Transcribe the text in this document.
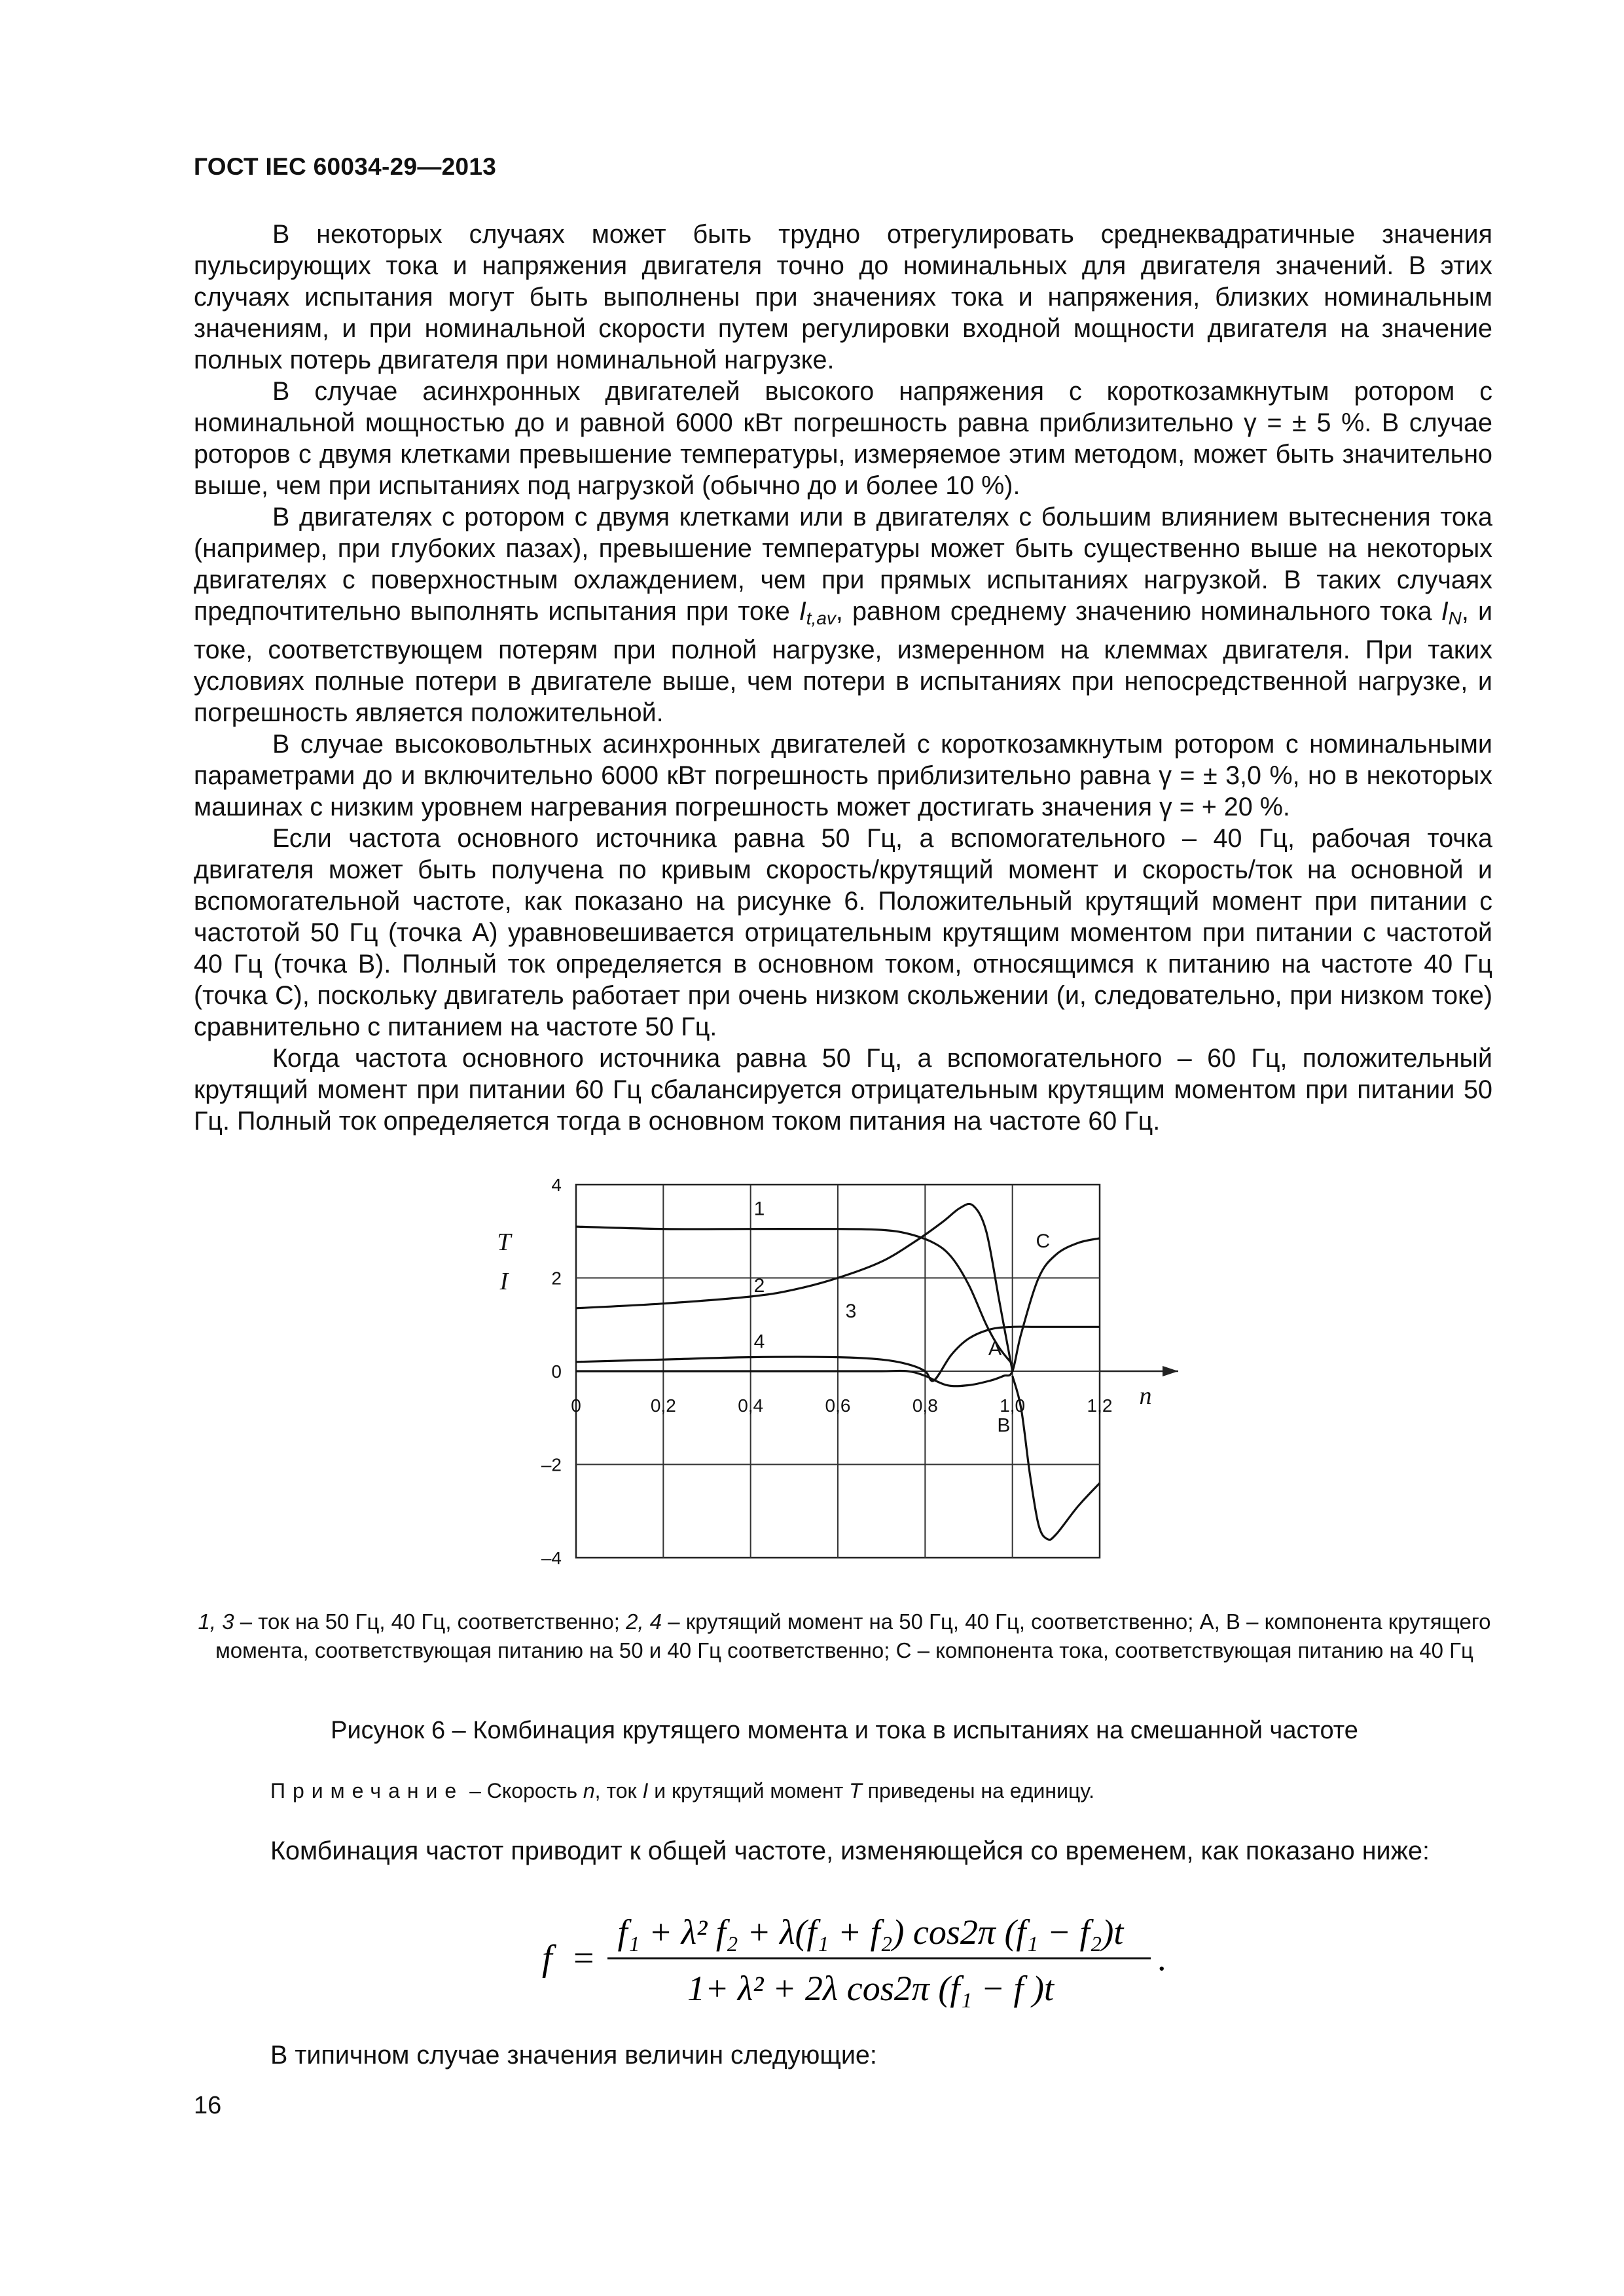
ГОСТ IEC 60034-29—2013

В некоторых случаях может быть трудно отрегулировать среднеквадратичные значения пульсирующих тока и напряжения двигателя точно до номинальных для двигателя значений. В этих случаях испытания могут быть выполнены при значениях тока и напряжения, близких номинальным значениям, и при номинальной скорости путем регулировки входной мощности двигателя на значение полных потерь двигателя при номинальной нагрузке.

В случае асинхронных двигателей высокого напряжения с короткозамкнутым ротором с номинальной мощностью до и равной 6000 кВт погрешность равна приблизительно γ = ± 5 %. В случае роторов с двумя клетками превышение температуры, измеряемое этим методом, может быть значительно выше, чем при испытаниях под нагрузкой (обычно до и более 10 %).

В двигателях с ротором с двумя клетками или в двигателях с большим влиянием вытеснения тока (например, при глубоких пазах), превышение температуры может быть существенно выше на некоторых двигателях с поверхностным охлаждением, чем при прямых испытаниях нагрузкой. В таких случаях предпочтительно выполнять испытания при токе $I_{t,av}$, равном среднему значению номинального тока $I_N$, и токе, соответствующем потерям при полной нагрузке, измеренном на клеммах двигателя. При таких условиях полные потери в двигателе выше, чем потери в испытаниях при непосредственной нагрузке, и погрешность является положительной.

В случае высоковольтных асинхронных двигателей с короткозамкнутым ротором с номинальными параметрами до и включительно 6000 кВт погрешность приблизительно равна γ = ± 3,0 %, но в некоторых машинах с низким уровнем нагревания погрешность может достигать значения γ = + 20 %.

Если частота основного источника равна 50 Гц, а вспомогательного – 40 Гц, рабочая точка двигателя может быть получена по кривым скорость/крутящий момент и скорость/ток на основной и вспомогательной частоте, как показано на рисунке 6. Положительный крутящий момент при питании с частотой 50 Гц (точка А) уравновешивается отрицательным крутящим моментом при питании с частотой 40 Гц (точка В). Полный ток определяется в основном током, относящимся к питанию на частоте 40 Гц (точка С), поскольку двигатель работает при очень низком скольжении (и, следовательно, при низком токе) сравнительно с питанием на частоте 50 Гц.

Когда частота основного источника равна 50 Гц, а вспомогательного – 60 Гц, положительный крутящий момент при питании 60 Гц сбалансируется отрицательным крутящим моментом при питании 50 Гц. Полный ток определяется тогда в основном током питания на частоте 60 Гц.

0	0,2	0,4	0,6	0,8	1,0	1,2
4
2
0
–2
–4
T
I
n
1
2
3
4	A
B
C
1, 3 – ток на 50 Гц, 40 Гц, соответственно; 2, 4 – крутящий момент на 50 Гц, 40 Гц, соответственно; А, В – компонента крутящего момента, соответствующая питанию на 50 и 40 Гц соответственно; С – компонента тока, соответствующая питанию на 40 Гц
Рисунок 6 – Комбинация крутящего момента и тока в испытаниях на смешанной частоте
Примечание – Скорость n, ток I и крутящий момент T приведены на единицу.
Комбинация частот приводит к общей частоте, изменяющейся со временем, как показано ниже:
f =
f₁ + λ² f₂ + λ(f₁ + f₂) cos2π (f₁ − f₂)t
1+ λ² + 2λ cos2π (f₁ − f )t
.
В типичном случае значения величин следующие:
16
